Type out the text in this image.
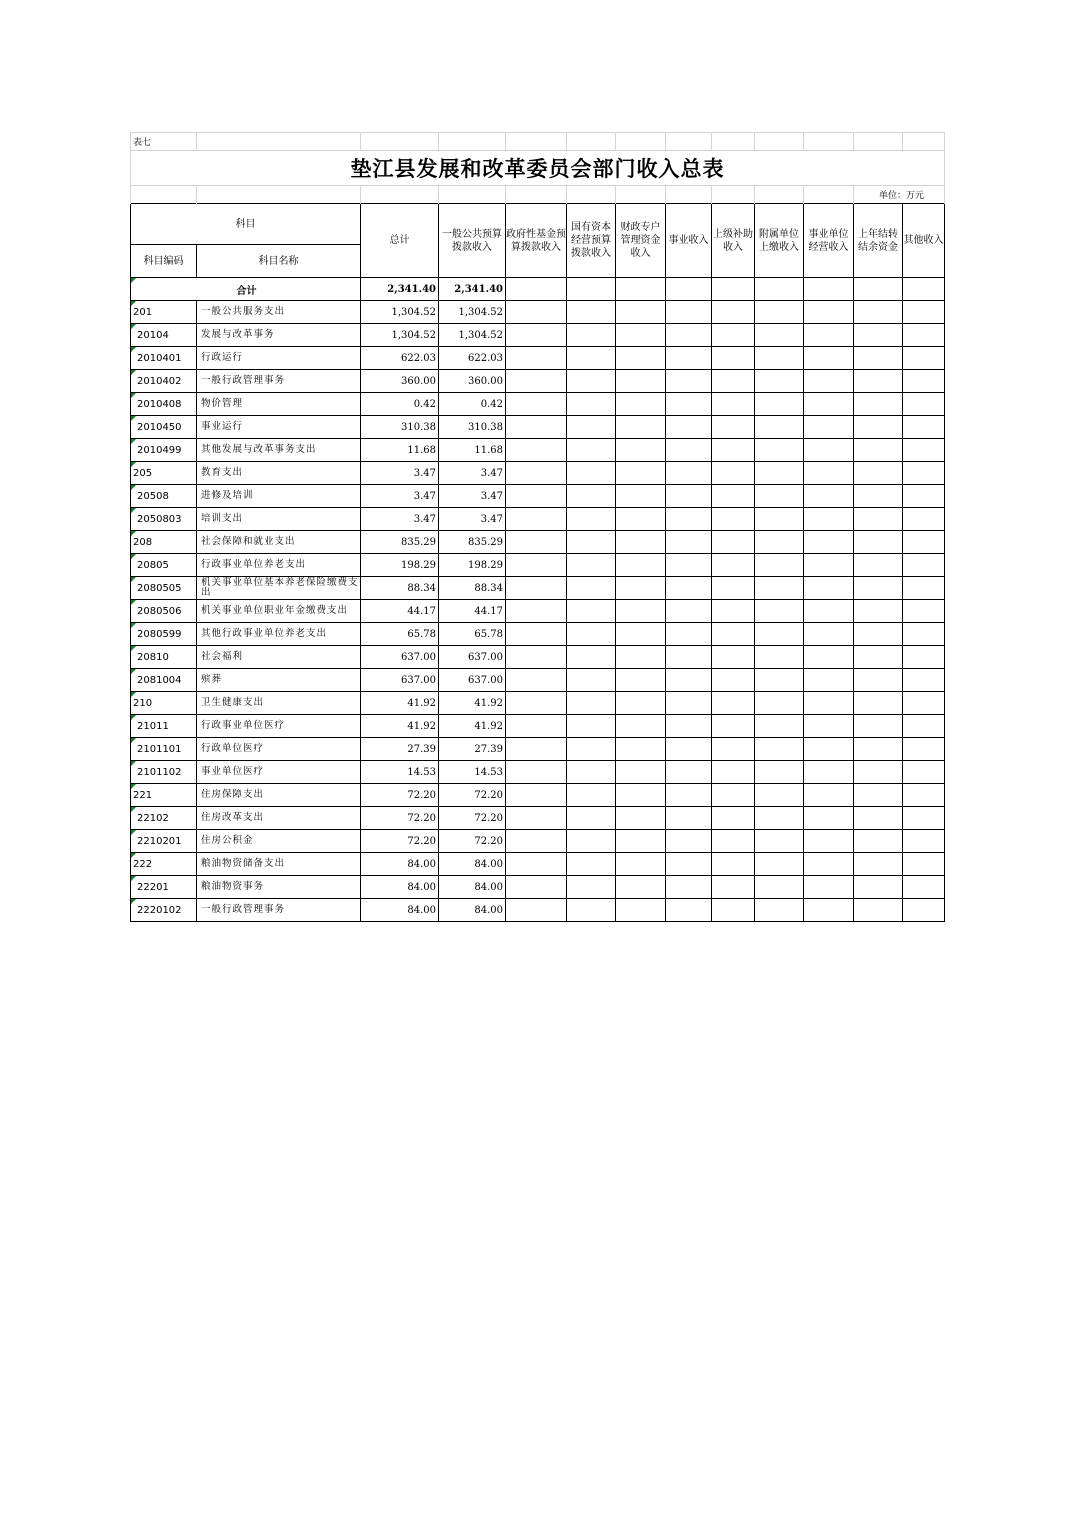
表七												
垫江县发展和改革委员会部门收入总表												
											单位：万元	
科目		总计	一般公共预算拨款收入	政府性基金预算拨款收入	国有资本经营预算拨款收入	财政专户管理资金收入	事业收入	上级补助收入	附属单位上缴收入	事业单位经营收入	上年结转结余资金	其他收入
科目编码	科目名称											
合计		2,341.40	2,341.40									
201	一般公共服务支出	1,304.52	1,304.52									
20104	发展与改革事务	1,304.52	1,304.52									
2010401	行政运行	622.03	622.03									
2010402	一般行政管理事务	360.00	360.00									
2010408	物价管理	0.42	0.42									
2010450	事业运行	310.38	310.38									
2010499	其他发展与改革事务支出	11.68	11.68									
205	教育支出	3.47	3.47									
20508	进修及培训	3.47	3.47									
2050803	培训支出	3.47	3.47									
208	社会保障和就业支出	835.29	835.29									
20805	行政事业单位养老支出	198.29	198.29									
2080505	机关事业单位基本养老保险缴费支出	88.34	88.34									
2080506	机关事业单位职业年金缴费支出	44.17	44.17									
2080599	其他行政事业单位养老支出	65.78	65.78									
20810	社会福利	637.00	637.00									
2081004	殡葬	637.00	637.00									
210	卫生健康支出	41.92	41.92									
21011	行政事业单位医疗	41.92	41.92									
2101101	行政单位医疗	27.39	27.39									
2101102	事业单位医疗	14.53	14.53									
221	住房保障支出	72.20	72.20									
22102	住房改革支出	72.20	72.20									
2210201	住房公积金	72.20	72.20									
222	粮油物资储备支出	84.00	84.00									
22201	粮油物资事务	84.00	84.00									
2220102	一般行政管理事务	84.00	84.00									
